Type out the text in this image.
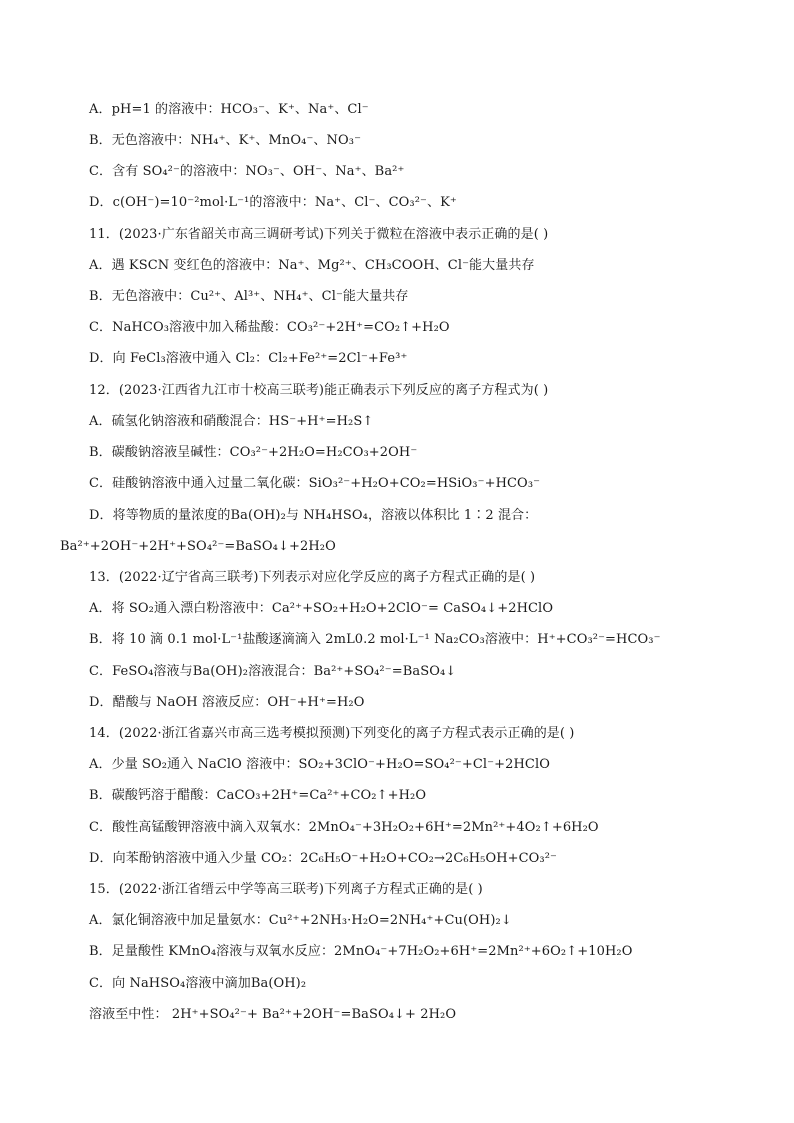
A．pH=1 的溶液中：HCO₃⁻、K⁺、Na⁺、Cl⁻
B．无色溶液中：NH₄⁺、K⁺、MnO₄⁻、NO₃⁻
C．含有 SO₄²⁻的溶液中：NO₃⁻、OH⁻、Na⁺、Ba²⁺
D．c(OH⁻)=10⁻²mol·L⁻¹的溶液中：Na⁺、Cl⁻、CO₃²⁻、K⁺
11．(2023·广东省韶关市高三调研考试)下列关于微粒在溶液中表示正确的是( )
A．遇 KSCN 变红色的溶液中：Na⁺、Mg²⁺、CH₃COOH、Cl⁻能大量共存
B．无色溶液中：Cu²⁺、Al³⁺、NH₄⁺、Cl⁻能大量共存
C．NaHCO₃溶液中加入稀盐酸：CO₃²⁻+2H⁺=CO₂↑+H₂O
D．向 FeCl₃溶液中通入 Cl₂：Cl₂+Fe²⁺=2Cl⁻+Fe³⁺
12．(2023·江西省九江市十校高三联考)能正确表示下列反应的离子方程式为( )
A．硫氢化钠溶液和硝酸混合：HS⁻+H⁺=H₂S↑
B．碳酸钠溶液呈碱性：CO₃²⁻+2H₂O=H₂CO₃+2OH⁻
C．硅酸钠溶液中通入过量二氧化碳：SiO₃²⁻+H₂O+CO₂=HSiO₃⁻+HCO₃⁻
D．将等物质的量浓度的Ba(OH)₂与 NH₄HSO₄，溶液以体积比 1∶2 混合：
Ba²⁺+2OH⁻+2H⁺+SO₄²⁻=BaSO₄↓+2H₂O
13．(2022·辽宁省高三联考)下列表示对应化学反应的离子方程式正确的是( )
A．将 SO₂通入漂白粉溶液中：Ca²⁺+SO₂+H₂O+2ClO⁻= CaSO₄↓+2HClO
B．将 10 滴 0.1 mol·L⁻¹盐酸逐滴滴入 2mL0.2 mol·L⁻¹ Na₂CO₃溶液中：H⁺+CO₃²⁻=HCO₃⁻
C．FeSO₄溶液与Ba(OH)₂溶液混合：Ba²⁺+SO₄²⁻=BaSO₄↓
D．醋酸与 NaOH 溶液反应：OH⁻+H⁺=H₂O
14．(2022·浙江省嘉兴市高三选考模拟预测)下列变化的离子方程式表示正确的是( )
A．少量 SO₂通入 NaClO 溶液中：SO₂+3ClO⁻+H₂O=SO₄²⁻+Cl⁻+2HClO
B．碳酸钙溶于醋酸：CaCO₃+2H⁺=Ca²⁺+CO₂↑+H₂O
C．酸性高锰酸钾溶液中滴入双氧水：2MnO₄⁻+3H₂O₂+6H⁺=2Mn²⁺+4O₂↑+6H₂O
D．向苯酚钠溶液中通入少量 CO₂：2C₆H₅O⁻+H₂O+CO₂→2C₆H₅OH+CO₃²⁻
15．(2022·浙江省缙云中学等高三联考)下列离子方程式正确的是( )
A．氯化铜溶液中加足量氨水：Cu²⁺+2NH₃·H₂O=2NH₄⁺+Cu(OH)₂↓
B．足量酸性 KMnO₄溶液与双氧水反应：2MnO₄⁻+7H₂O₂+6H⁺=2Mn²⁺+6O₂↑+10H₂O
C．向 NaHSO₄溶液中滴加Ba(OH)₂
溶液至中性： 2H⁺+SO₄²⁻+ Ba²⁺+2OH⁻=BaSO₄↓+ 2H₂O
